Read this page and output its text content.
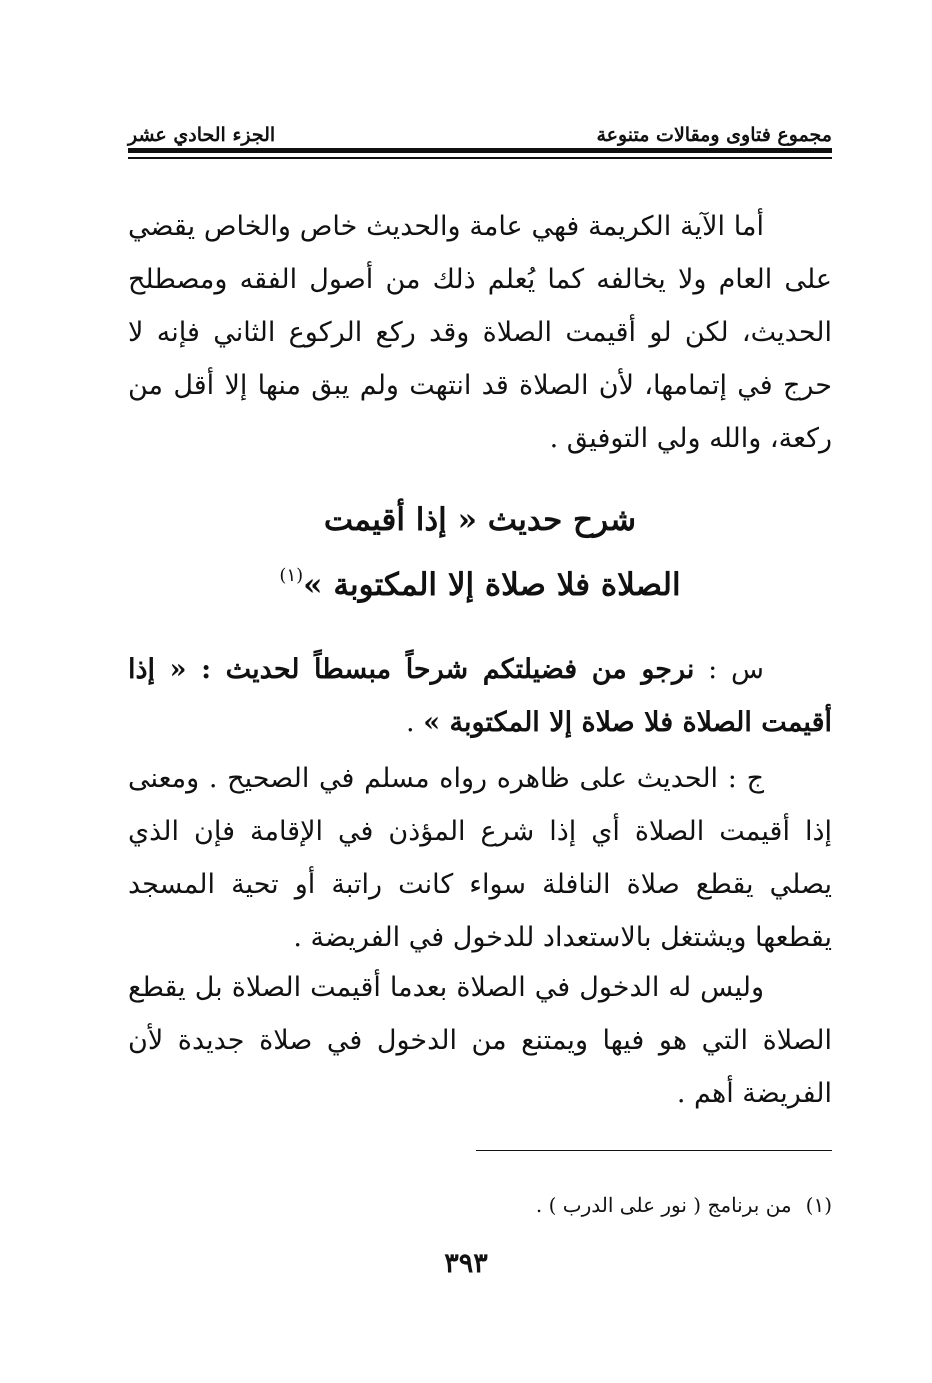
مجموع فتاوى ومقالات متنوعة
الجزء الحادي عشر

أما الآية الكريمة فهي عامة والحديث خاص والخاص يقضي على العام ولا يخالفه كما يُعلم ذلك من أصول الفقه ومصطلح الحديث، لكن لو أقيمت الصلاة وقد ركع الركوع الثاني فإنه لا حرج في إتمامها، لأن الصلاة قد انتهت ولم يبق منها إلا أقل من ركعة، والله ولي التوفيق .

شرح حديث « إذا أقيمت
الصلاة فلا صلاة إلا المكتوبة »$^{(١)}$

س : نرجو من فضيلتكم شرحاً مبسطاً لحديث : « إذا أقيمت الصلاة فلا صلاة إلا المكتوبة » .

ج : الحديث على ظاهره رواه مسلم في الصحيح . ومعنى إذا أقيمت الصلاة أي إذا شرع المؤذن في الإقامة فإن الذي يصلي يقطع صلاة النافلة سواء كانت راتبة أو تحية المسجد يقطعها ويشتغل بالاستعداد للدخول في الفريضة .

وليس له الدخول في الصلاة بعدما أقيمت الصلاة بل يقطع الصلاة التي هو فيها ويمتنع من الدخول في صلاة جديدة لأن الفريضة أهم .

(١)من برنامج ( نور على الدرب ) .

٣٩٣
